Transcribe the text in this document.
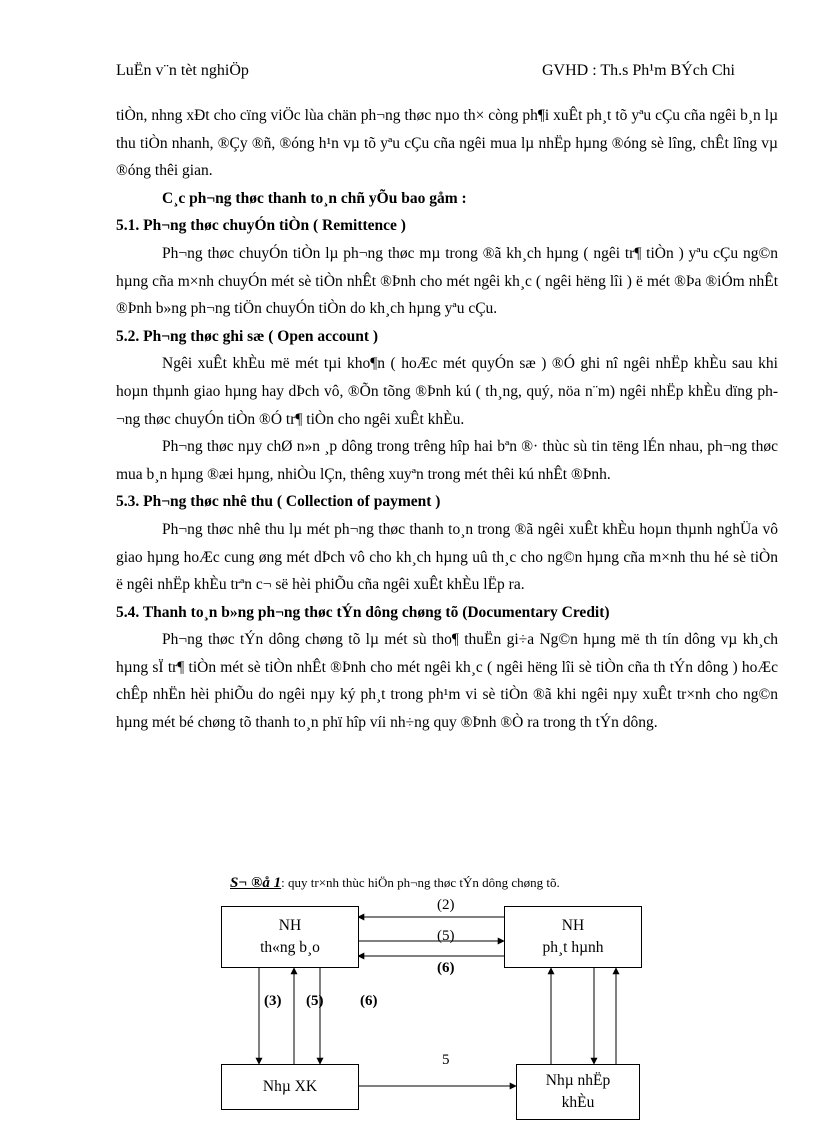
LuËn v¨n tèt nghiÖp	GVHD : Th.s Ph¹m BÝch Chi

tiÒn, nhng xÐt cho cïng viÖc lùa chän ph¬ng thøc nµo th× còng ph¶i xuÊt ph¸t tõ yªu cÇu cña ngêi b¸n lµ thu tiÒn nhanh, ®Çy ®ñ, ®óng h¹n vµ tõ yªu cÇu cña ngêi mua lµ nhËp hµng ®óng sè lîng, chÊt lîng vµ ®óng thêi gian.

C¸c ph¬ng thøc thanh to¸n chñ yÕu bao gåm :

5.1. Ph¬ng thøc chuyÓn tiÒn ( Remittence )

Ph¬ng thøc chuyÓn tiÒn lµ ph¬ng thøc mµ trong ®ã kh¸ch hµng ( ngêi tr¶ tiÒn ) yªu cÇu ng©n hµng cña m×nh chuyÓn mét sè tiÒn nhÊt ®Þnh cho mét ngêi kh¸c ( ngêi hëng lîi ) ë mét ®Þa ®iÓm nhÊt ®Þnh b»ng ph¬ng tiÖn chuyÓn tiÒn do kh¸ch hµng yªu cÇu.

5.2. Ph¬ng thøc ghi sæ ( Open account )

Ngêi xuÊt khÈu më mét tµi kho¶n ( hoÆc mét quyÓn sæ ) ®Ó ghi nî ngêi nhËp khÈu sau khi hoµn thµnh giao hµng hay dÞch vô, ®Õn tõng ®Þnh kú ( th¸ng, quý, nöa n¨m) ngêi nhËp khÈu dïng ph¬ng thøc chuyÓn tiÒn ®Ó tr¶ tiÒn cho ngêi xuÊt khÈu.

Ph¬ng thøc nµy chØ n»n ¸p dông trong trêng hîp hai bªn ®· thùc sù tin tëng lÉn nhau, ph¬ng thøc mua b¸n hµng ®æi hµng, nhiÒu lÇn, thêng xuyªn trong mét thêi kú nhÊt ®Þnh.

5.3. Ph¬ng thøc nhê thu ( Collection of payment )

Ph¬ng thøc nhê thu lµ mét ph¬ng thøc thanh to¸n trong ®ã ngêi xuÊt khÈu hoµn thµnh nghÜa vô giao hµng hoÆc cung øng mét dÞch vô cho kh¸ch hµng uû th¸c cho ng©n hµng cña m×nh thu hé sè tiÒn ë ngêi nhËp khÈu trªn c¬ së hèi phiÕu cña ngêi xuÊt khÈu lËp ra.

5.4. Thanh to¸n b»ng ph¬ng thøc tÝn dông chøng tõ (Documentary Credit)

Ph¬ng thøc tÝn dông chøng tõ lµ mét sù tho¶ thuËn gi÷a Ng©n hµng më th tín dông vµ kh¸ch hµng sÏ tr¶ tiÒn mét sè tiÒn nhÊt ®Þnh cho mét ngêi kh¸c ( ngêi hëng lîi sè tiÒn cña th tÝn dông ) hoÆc chÊp nhËn hèi phiÕu do ngêi nµy ký ph¸t trong ph¹m vi sè tiÒn ®ã khi ngêi nµy xuÊt tr×nh cho ng©n hµng mét bé chøng tõ thanh to¸n phï hîp víi nh÷ng quy ®Þnh ®Ò ra trong th tÝn dông.

S¬ ®å 1: quy tr×nh thùc hiÖn ph¬ng thøc tÝn dông chøng tõ.
NH
th«ng b¸o
NH
ph¸t hµnh
Nhµ XK	Nhµ nhËp
khÈu
(2)
(5)
(6)
(3) (5) (6)
5
